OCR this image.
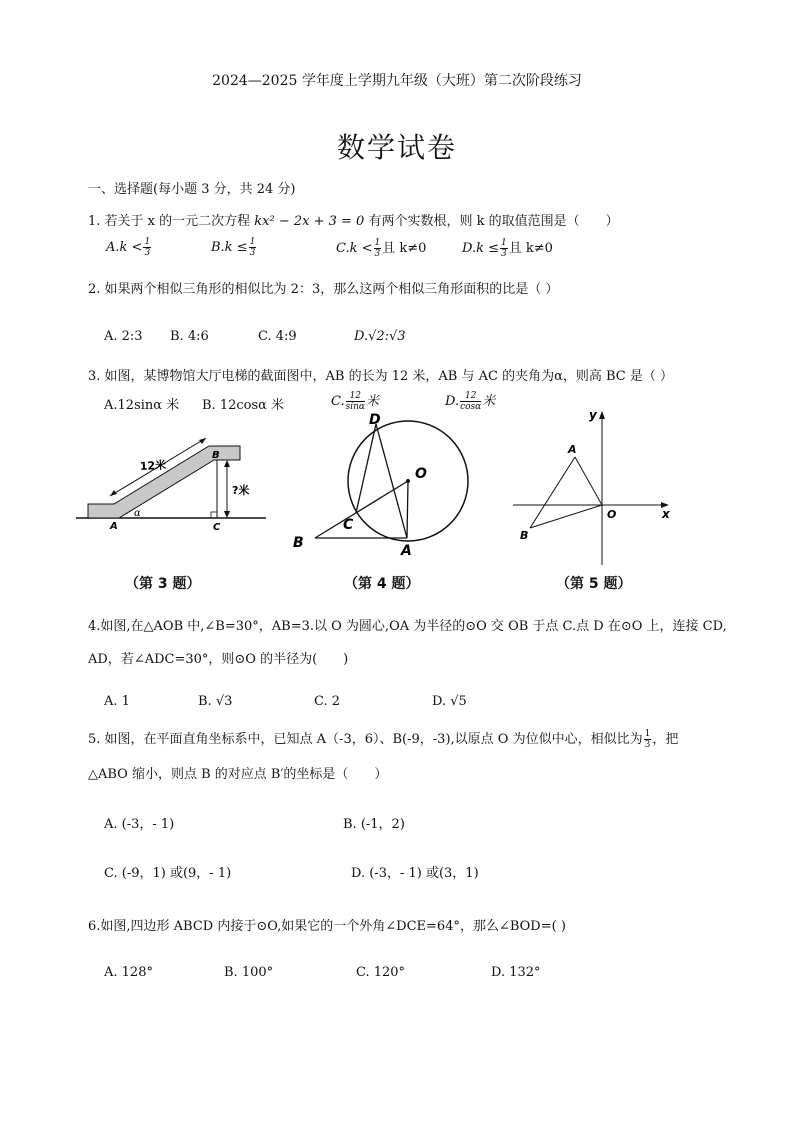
2024—2025 学年度上学期九年级（大班）第二次阶段练习
数学试卷
一、选择题(每小题 3 分，共 24 分)
1. 若关于 x 的一元二次方程 kx² − 2x + 3 = 0 有两个实数根，则 k 的取值范围是（　　）
$A.k < \frac{1}{3}$	$B.k \le \frac{1}{3}$	$C.k < \frac{1}{3}$ 且 k≠0	$D.k \le \frac{1}{3}$ 且 k≠0
2. 如果两个相似三角形的相似比为 2：3，那么这两个相似三角形面积的比是（ ）
A. 2:3 B. 4:6	C. 4:9	D.√2:√3
3. 如图，某博物馆大厅电梯的截面图中，AB 的长为 12 米，AB 与 AC 的夹角为α，则高 BC 是（ ）
A.12sinα 米 B. 12cosα 米	C. $\frac{12}{\sin\alpha}$ 米	D. $\frac{12}{\cos\alpha}$ 米
12米
?米
A
B
C
α
（第 3 题）
D
O
C
B	A
（第 4 题）
y
x
A
B
O
（第 5 题）
4.如图,在△AOB 中,∠B=30°，AB=3.以 O 为圆心,OA 为半径的⊙O 交 OB 于点 C.点 D 在⊙O 上，连接 CD,
AD，若∠ADC=30°，则⊙O 的半径为(　　)
A. 1	B. √3	C. 2	D. √5
5. 如图，在平面直角坐标系中，已知点 A（-3，6）、B(-9，-3),以原点 O 为位似中心，相似比为 $\frac{1}{3}$ ，把
△ABO 缩小，则点 B 的对应点 B′的坐标是（　　）
A. (-3，- 1)	B. (-1，2)
C. (-9，1) 或(9，- 1)	D. (-3，- 1) 或(3，1)
6.如图,四边形 ABCD 内接于⊙O,如果它的一个外角∠DCE=64°，那么∠BOD=( )
A. 128°	B. 100°	C. 120°	D. 132°
